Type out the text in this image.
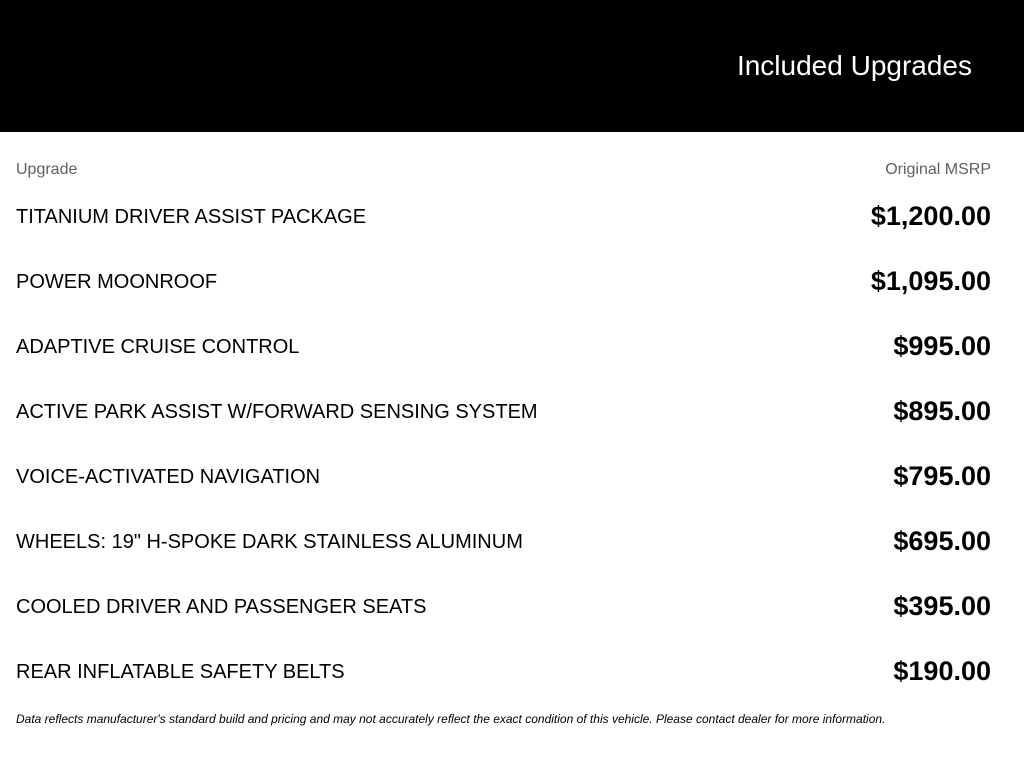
Included Upgrades
Upgrade	Original MSRP
TITANIUM DRIVER ASSIST PACKAGE	$1,200.00
POWER MOONROOF	$1,095.00
ADAPTIVE CRUISE CONTROL	$995.00
ACTIVE PARK ASSIST W/FORWARD SENSING SYSTEM	$895.00
VOICE-ACTIVATED NAVIGATION	$795.00
WHEELS: 19" H-SPOKE DARK STAINLESS ALUMINUM	$695.00
COOLED DRIVER AND PASSENGER SEATS	$395.00
REAR INFLATABLE SAFETY BELTS	$190.00
Data reflects manufacturer's standard build and pricing and may not accurately reflect the exact condition of this vehicle. Please contact dealer for more information.
